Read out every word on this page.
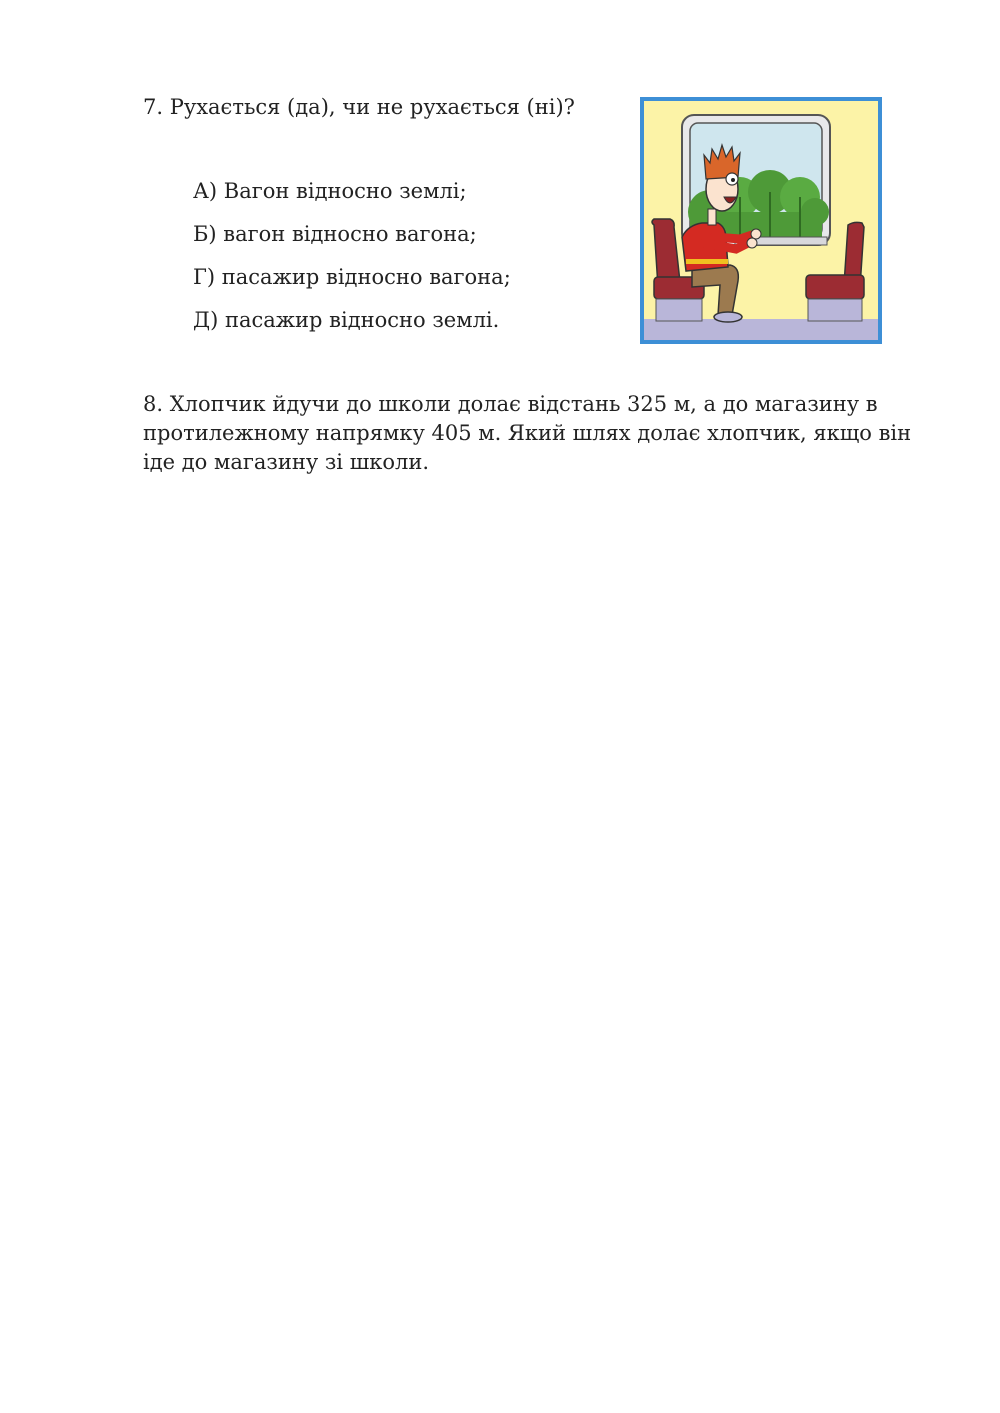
7. Рухається (да), чи не рухається (ні)?

А) Вагон відносно землі;
Б) вагон відносно вагона;
Г) пасажир відносно вагона;
Д) пасажир відносно землі.

8. Хлопчик йдучи до школи долає відстань 325 м, а до магазину в протилежному напрямку 405 м. Який шлях долає хлопчик, якщо він іде до магазину зі школи.
